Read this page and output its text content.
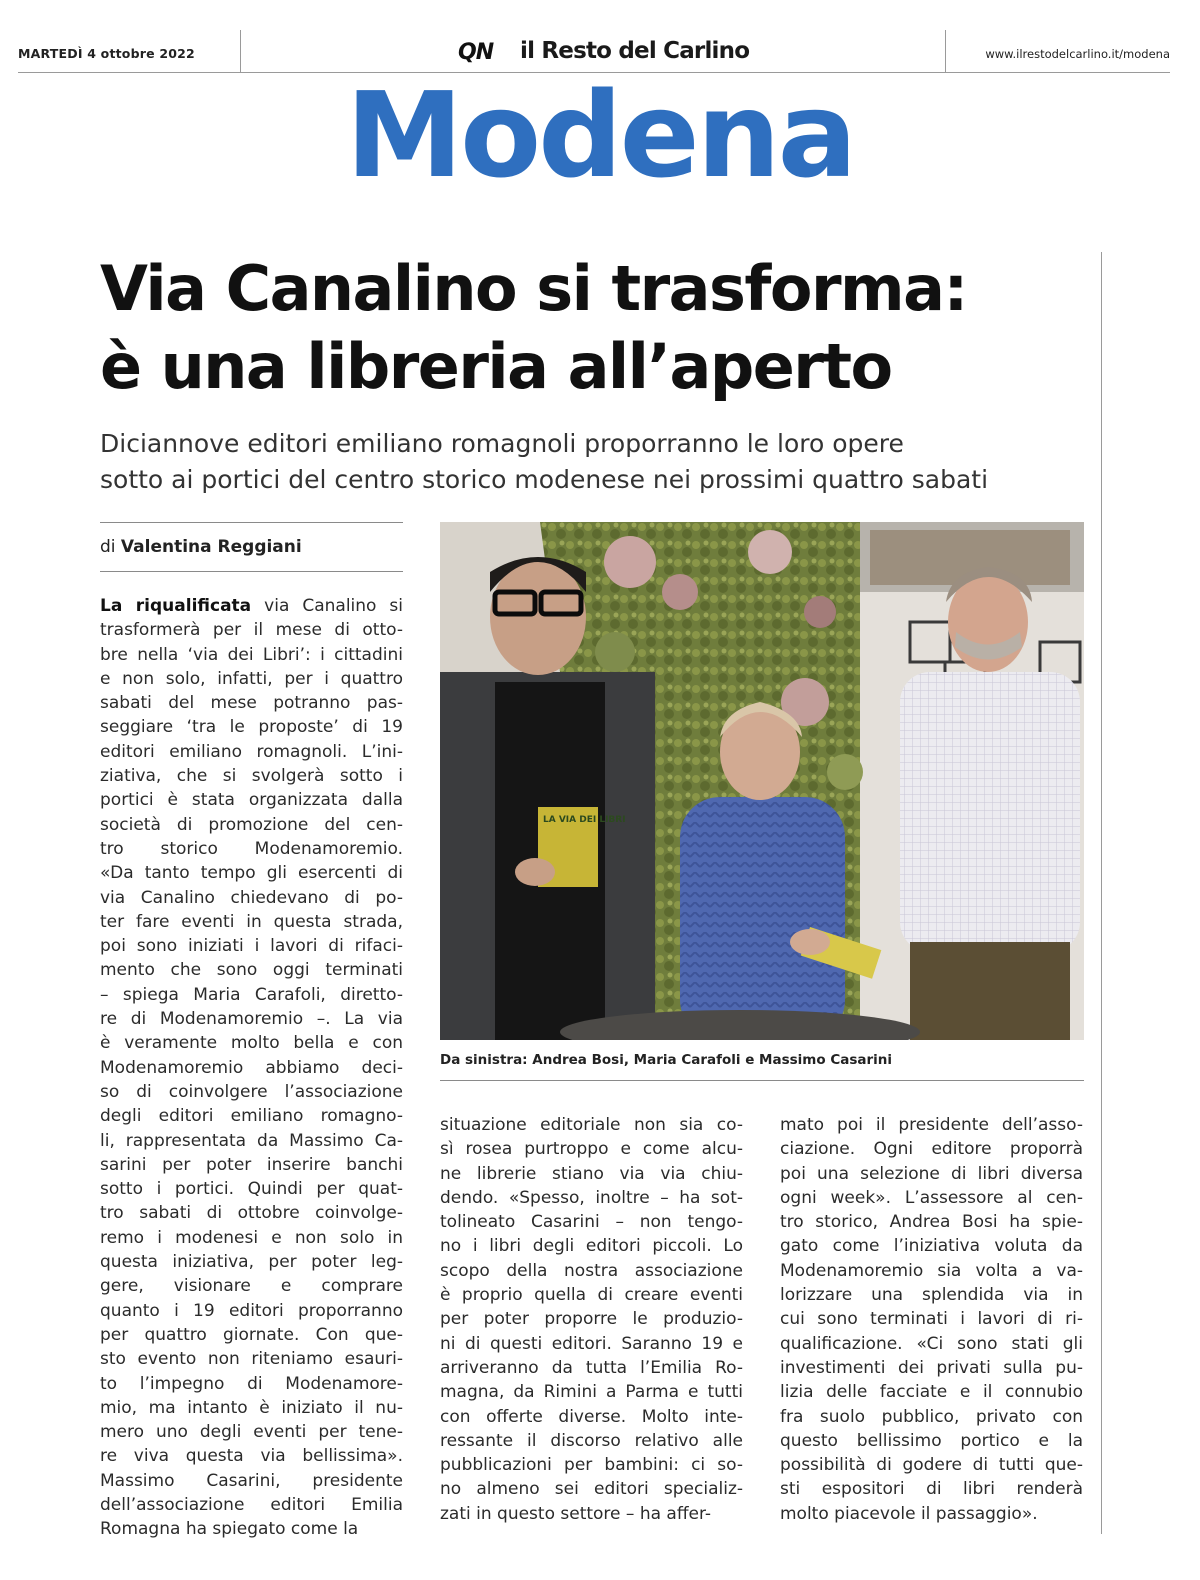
MARTEDÌ 4 ottobre 2022	QN il Resto del Carlino	www.ilrestodelcarlino.it/modena
Modena
Via Canalino si trasforma:
è una libreria all’aperto
Diciannove editori emiliano romagnoli proporranno le loro opere
sotto ai portici del centro storico modenese nei prossimi quattro sabati
di Valentina Reggiani
LA VIA DEI LIBRI
Da sinistra: Andrea Bosi, Maria Carafoli e Massimo Casarini
La riqualificata via Canalino si
trasformerà per il mese di otto-
bre nella ‘via dei Libri’: i cittadini
e non solo, infatti, per i quattro
sabati del mese potranno pas-
seggiare ‘tra le proposte’ di 19
editori emiliano romagnoli. L’ini-
ziativa, che si svolgerà sotto i
portici è stata organizzata dalla
società di promozione del cen-
tro storico Modenamoremio.
«Da tanto tempo gli esercenti di
via Canalino chiedevano di po-
ter fare eventi in questa strada,
poi sono iniziati i lavori di rifaci-
mento che sono oggi terminati
– spiega Maria Carafoli, diretto-
re di Modenamoremio –. La via
è veramente molto bella e con
Modenamoremio abbiamo deci-
so di coinvolgere l’associazione
degli editori emiliano romagno-
li, rappresentata da Massimo Ca-
sarini per poter inserire banchi
sotto i portici. Quindi per quat-
tro sabati di ottobre coinvolge-
remo i modenesi e non solo in
questa iniziativa, per poter leg-
gere, visionare e comprare
quanto i 19 editori proporranno
per quattro giornate. Con que-
sto evento non riteniamo esauri-
to l’impegno di Modenamore-
mio, ma intanto è iniziato il nu-
mero uno degli eventi per tene-
re viva questa via bellissima».
Massimo Casarini, presidente
dell’associazione editori Emilia
Romagna ha spiegato come la
situazione editoriale non sia co-
sì rosea purtroppo e come alcu-
ne librerie stiano via via chiu-
dendo. «Spesso, inoltre – ha sot-
tolineato Casarini – non tengo-
no i libri degli editori piccoli. Lo
scopo della nostra associazione
è proprio quella di creare eventi
per poter proporre le produzio-
ni di questi editori. Saranno 19 e
arriveranno da tutta l’Emilia Ro-
magna, da Rimini a Parma e tutti
con offerte diverse. Molto inte-
ressante il discorso relativo alle
pubblicazioni per bambini: ci so-
no almeno sei editori specializ-
zati in questo settore – ha affer-
mato poi il presidente dell’asso-
ciazione. Ogni editore proporrà
poi una selezione di libri diversa
ogni week». L’assessore al cen-
tro storico, Andrea Bosi ha spie-
gato come l’iniziativa voluta da
Modenamoremio sia volta a va-
lorizzare una splendida via in
cui sono terminati i lavori di ri-
qualificazione. «Ci sono stati gli
investimenti dei privati sulla pu-
lizia delle facciate e il connubio
fra suolo pubblico, privato con
questo bellissimo portico e la
possibilità di godere di tutti que-
sti espositori di libri renderà
molto piacevole il passaggio».
